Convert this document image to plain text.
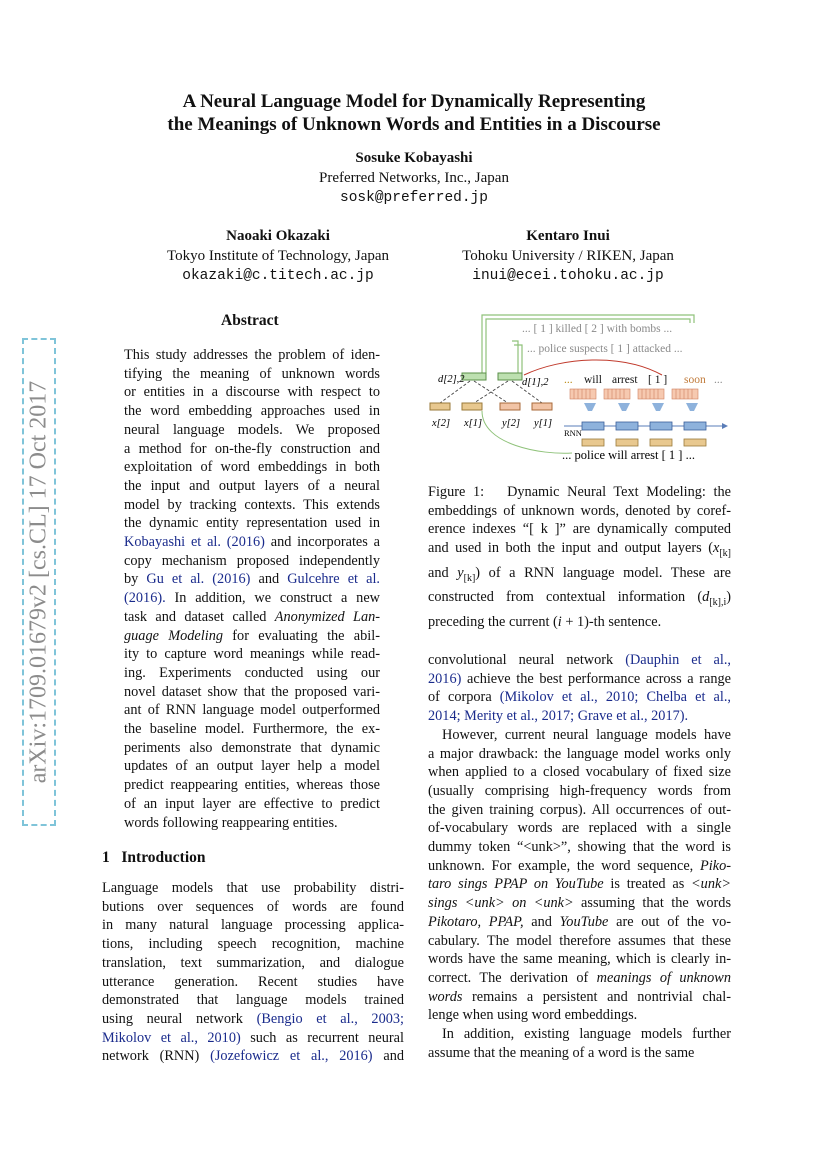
A Neural Language Model for Dynamically Representing
the Meanings of Unknown Words and Entities in a Discourse
Sosuke Kobayashi
Preferred Networks, Inc., Japan
sosk@preferred.jp
Naoaki Okazaki
Tokyo Institute of Technology, Japan
okazaki@c.titech.ac.jp
Kentaro Inui
Tohoku University / RIKEN, Japan
inui@ecei.tohoku.ac.jp
arXiv:1709.01679v2 [cs.CL] 17 Oct 2017
Abstract

This study addresses the problem of iden-

tifying the meaning of unknown words

or entities in a discourse with respect to

the word embedding approaches used in

neural language models. We proposed

a method for on-the-fly construction and

exploitation of word embeddings in both

the input and output layers of a neural

model by tracking contexts. This extends

the dynamic entity representation used in

Kobayashi et al. (2016) and incorporates a

copy mechanism proposed independently

by Gu et al. (2016) and Gulcehre et al.

(2016). In addition, we construct a new

task and dataset called Anonymized Lan-

guage Modeling for evaluating the abil-

ity to capture word meanings while read-

ing. Experiments conducted using our

novel dataset show that the proposed vari-

ant of RNN language model outperformed

the baseline model. Furthermore, the ex-

periments also demonstrate that dynamic

updates of an output layer help a model

predict reappearing entities, whereas those

of an input layer are effective to predict

words following reappearing entities.

1 Introduction

Language models that use probability distri-

butions over sequences of words are found

in many natural language processing applica-

tions, including speech recognition, machine

translation, text summarization, and dialogue

utterance generation. Recent studies have

demonstrated that language models trained

using neural network (Bengio et al., 2003;

Mikolov et al., 2010) such as recurrent neural

network (RNN) (Jozefowicz et al., 2016) and

... [ 1 ] killed [ 2 ] with bombs ...
... police suspects [ 1 ] attacked ...
d[2],2	d[1],2
x[2] x[1] y[2] y[1]
... will arrest [ 1 ] soon ...
RNN
... police will arrest [ 1 ] ...

Figure 1: Dynamic Neural Text Modeling: the

embeddings of unknown words, denoted by coref-

erence indexes “[ k ]” are dynamically computed

and used in both the input and output layers ($x_{[k]}$

and $y_{[k]}$) of a RNN language model. These are

constructed from contextual information $(d_{[k],i})$

preceding the current (i + 1)-th sentence.

convolutional neural network (Dauphin et al.,

2016) achieve the best performance across a range

of corpora (Mikolov et al., 2010; Chelba et al.,

2014; Merity et al., 2017; Grave et al., 2017).

However, current neural language models have

a major drawback: the language model works only

when applied to a closed vocabulary of fixed size

(usually comprising high-frequency words from

the given training corpus). All occurrences of out-

of-vocabulary words are replaced with a single

dummy token “<unk>”, showing that the word is

unknown. For example, the word sequence, Piko-

taro sings PPAP on YouTube is treated as <unk>

sings <unk> on <unk> assuming that the words

Pikotaro, PPAP, and YouTube are out of the vo-

cabulary. The model therefore assumes that these

words have the same meaning, which is clearly in-

correct. The derivation of meanings of unknown

words remains a persistent and nontrivial chal-

lenge when using word embeddings.

In addition, existing language models further

assume that the meaning of a word is the same
